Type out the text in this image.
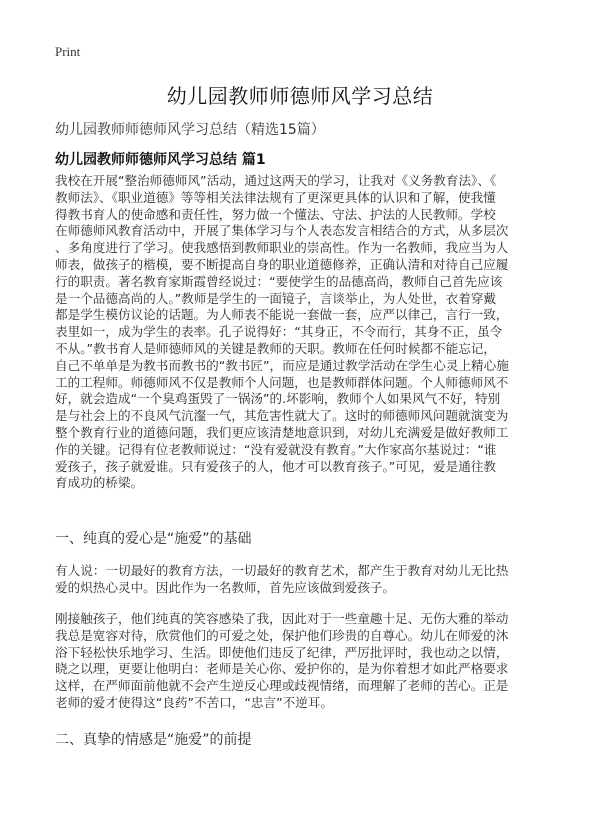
Print
幼儿园教师师德师风学习总结
幼儿园教师师德师风学习总结（精选15篇）
幼儿园教师师德师风学习总结 篇1
我校在开展“整治师德师风”活动，通过这两天的学习，让我对《义务教育法》、《
教师法》、《职业道德》等等相关法律法规有了更深更具体的认识和了解，使我懂
得教书育人的使命感和责任性，努力做一个懂法、守法、护法的人民教师。学校
在师德师风教育活动中，开展了集体学习与个人表态发言相结合的方式，从多层次
、多角度进行了学习。使我感悟到教师职业的崇高性。作为一名教师，我应当为人
师表，做孩子的楷模，要不断提高自身的职业道德修养，正确认清和对待自己应履
行的职责。著名教育家斯霞曾经说过：“要使学生的品德高尚，教师自己首先应该
是一个品德高尚的人。”教师是学生的一面镜子，言谈举止，为人处世，衣着穿戴
都是学生模仿议论的话题。为人师表不能说一套做一套，应严以律己，言行一致，
表里如一，成为学生的表率。孔子说得好：“其身正，不令而行，其身不正，虽令
不从。”教书育人是师德师风的关键是教师的天职。教师在任何时候都不能忘记，
自己不单单是为教书而教书的“教书匠”，而应是通过教学活动在学生心灵上精心施
工的工程师。师德师风不仅是教师个人问题，也是教师群体问题。个人师德师风不
好，就会造成“一个臭鸡蛋毁了一锅汤”的.坏影响，教师个人如果风气不好，特别
是与社会上的不良风气沆瀣一气，其危害性就大了。这时的师德师风问题就演变为
整个教育行业的道德问题，我们更应该清楚地意识到，对幼儿充满爱是做好教师工
作的关键。记得有位老教师说过：“没有爱就没有教育。”大作家高尔基说过：“谁
爱孩子，孩子就爱谁。只有爱孩子的人，他才可以教育孩子。”可见，爱是通往教
育成功的桥梁。
一、纯真的爱心是“施爱”的基础
有人说：一切最好的教育方法，一切最好的教育艺术，都产生于教育对幼儿无比热
爱的炽热心灵中。因此作为一名教师，首先应该做到爱孩子。
刚接触孩子，他们纯真的笑容感染了我，因此对于一些童趣十足、无伤大雅的举动
我总是宽容对待，欣赏他们的可爱之处，保护他们珍贵的自尊心。幼儿在师爱的沐
浴下轻松快乐地学习、生活。即使他们违反了纪律，严厉批评时，我也动之以情，
晓之以理，更要让他明白：老师是关心你、爱护你的，是为你着想才如此严格要求
这样，在严师面前他就不会产生逆反心理或歧视情绪，而理解了老师的苦心。正是
老师的爱才使得这“良药”不苦口，“忠言”不逆耳。
二、真挚的情感是“施爱”的前提
